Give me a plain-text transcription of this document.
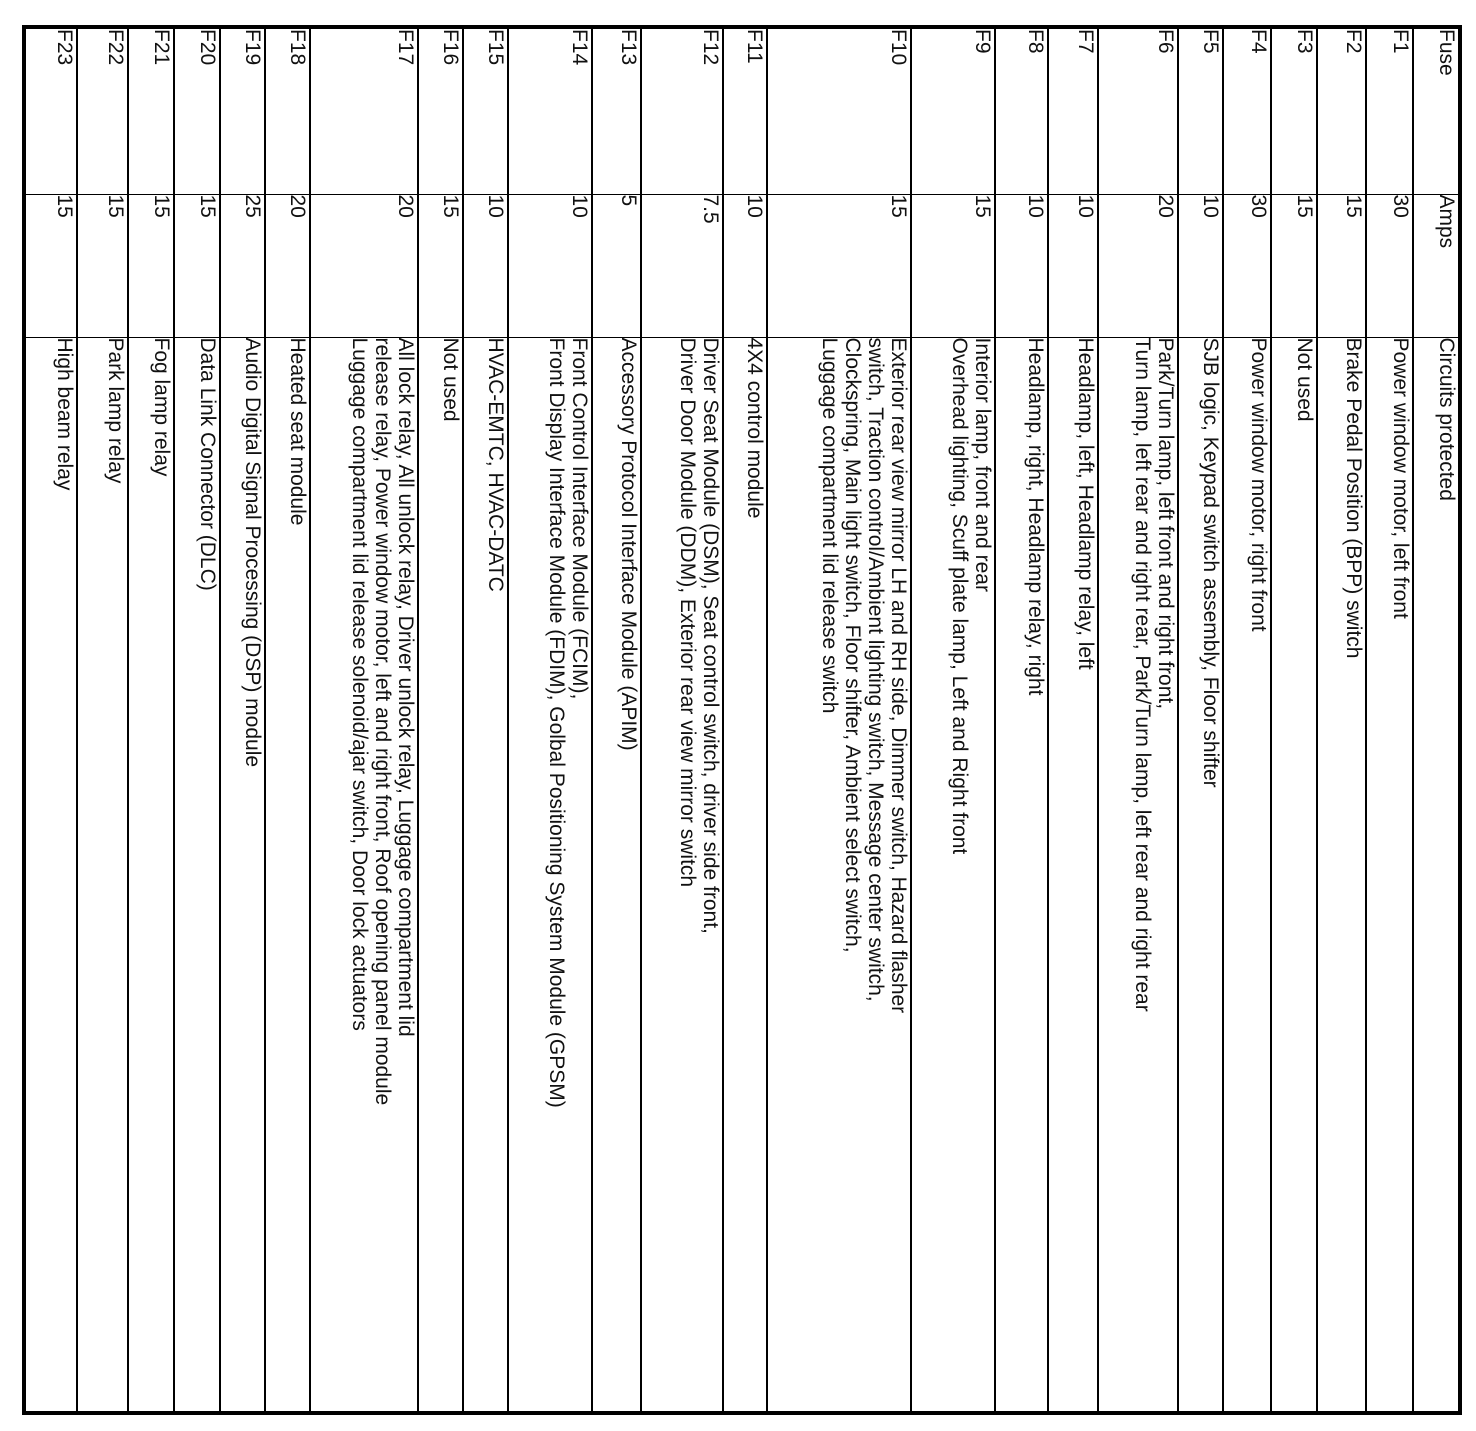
Fuse	Amps	Circuits protected
F1	30	Power window motor, left front

F2	15	Brake Pedal Position (BPP) switch

F3	15	Not used

F4	30	Power window motor, right front

F5	10	SJB logic, Keypad switch assembly, Floor shifter

F6	20	Park/Turn lamp, left front and right front,
Turn lamp, left rear and right rear, Park/Turn lamp, left rear and right rear

F7	10	Headlamp, left, Headlamp relay, left

F8	10	Headlamp, right, Headlamp relay, right

F9	15	Interior lamp, front and rear
Overhead lighting, Scuff plate lamp, Left and Right front

F10	15	Exterior rear view mirror LH and RH side, Dimmer switch, Hazard flasher
switch, Traction control/Ambient lighting switch, Message center switch,
Clockspring, Main light switch, Floor shifter, Ambient select switch,
Luggage compartment lid release switch

F11	10	4X4 control module

F12	7.5	Driver Seat Module (DSM), Seat control switch, driver side front,
Driver Door Module (DDM), Exterior rear view mirror switch

F13	5	Accessory Protocol Interface Module (APIM)

F14	10	Front Control Interface Module (FCIM),
Front Display Interface Module (FDIM), Golbal Positioning System Module (GPSM)

F15	10	HVAC-EMTC, HVAC-DATC

F16	15	Not used

F17	20	All lock relay, All unlock relay, Driver unlock relay, Luggage compartment lid
release relay, Power window motor, left and right front, Roof opening panel module
Luggage compartment lid release solenoid/ajar switch, Door lock actuators

F18	20	Heated seat module

F19	25	Audio Digital Signal Processing (DSP) module

F20	15	Data Link Connector (DLC)

F21	15	Fog lamp relay

F22	15	Park lamp relay

F23	15	High beam relay
